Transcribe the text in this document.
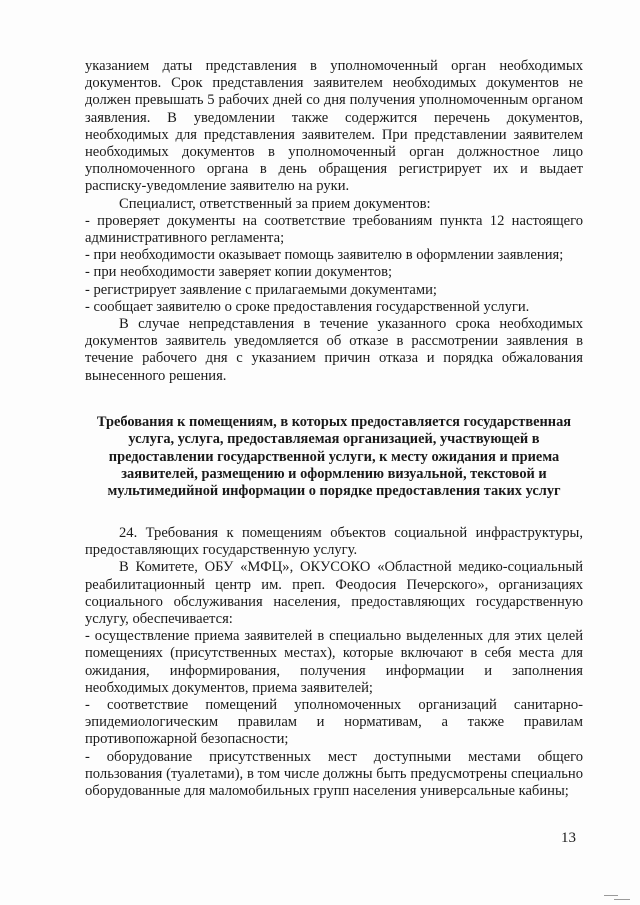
указанием даты представления в уполномоченный орган необходимых документов. Срок представления заявителем необходимых документов не должен превышать 5 рабочих дней со дня получения уполномоченным органом заявления. В уведомлении также содержится перечень документов, необходимых для представления заявителем. При представлении заявителем необходимых документов в уполномоченный орган должностное лицо уполномоченного органа в день обращения регистрирует их и выдает расписку-уведомление заявителю на руки.

Специалист, ответственный за прием документов:

- проверяет документы на соответствие требованиям пункта 12 настоящего административного регламента;

- при необходимости оказывает помощь заявителю в оформлении заявления;

- при необходимости заверяет копии документов;

- регистрирует заявление с прилагаемыми документами;

- сообщает заявителю о сроке предоставления государственной услуги.

В случае непредставления в течение указанного срока необходимых документов заявитель уведомляется об отказе в рассмотрении заявления в течение рабочего дня с указанием причин отказа и порядка обжалования вынесенного решения.

Требования к помещениям, в которых предоставляется государственная услуга, услуга, предоставляемая организацией, участвующей в предоставлении государственной услуги, к месту ожидания и приема заявителей, размещению и оформлению визуальной, текстовой и мультимедийной информации о порядке предоставления таких услуг

24. Требования к помещениям объектов социальной инфраструктуры, предоставляющих государственную услугу.

В Комитете, ОБУ «МФЦ», ОКУСОКО «Областной медико-социальный реабилитационный центр им. преп. Феодосия Печерского», организациях социального обслуживания населения, предоставляющих государственную услугу, обеспечивается:

- осуществление приема заявителей в специально выделенных для этих целей помещениях (присутственных местах), которые включают в себя места для ожидания, информирования, получения информации и заполнения необходимых документов, приема заявителей;

- соответствие помещений уполномоченных организаций санитарно-эпидемиологическим правилам и нормативам, а также правилам противопожарной безопасности;

- оборудование присутственных мест доступными местами общего пользования (туалетами), в том числе должны быть предусмотрены специально оборудованные для маломобильных групп населения универсальные кабины;

13
